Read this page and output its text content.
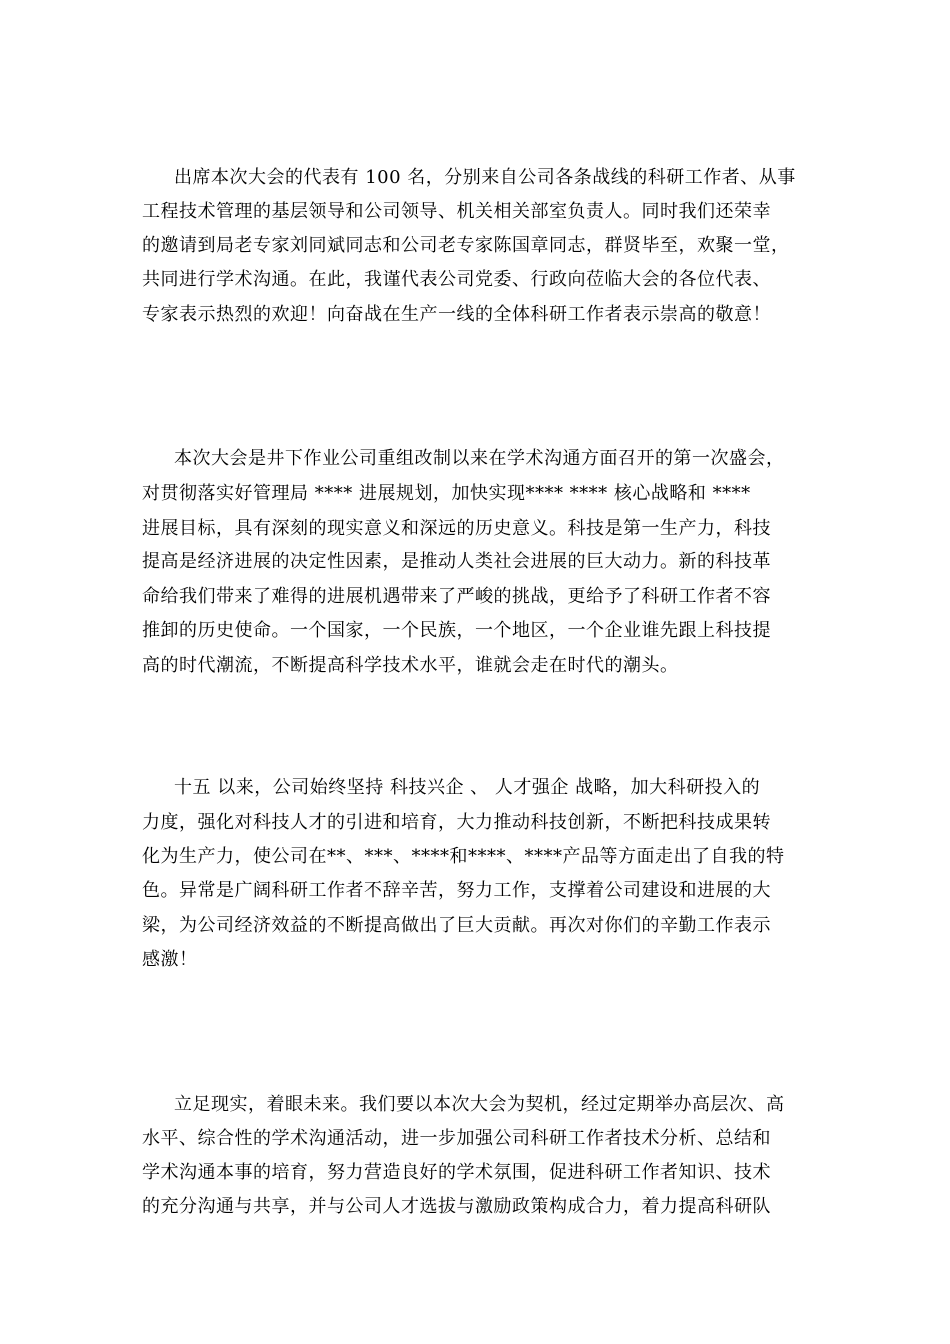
出席本次大会的代表有 100 名，分别来自公司各条战线的科研工作者、从事
工程技术管理的基层领导和公司领导、机关相关部室负责人。同时我们还荣幸
的邀请到局老专家刘同斌同志和公司老专家陈国章同志，群贤毕至，欢聚一堂，
共同进行学术沟通。在此，我谨代表公司党委、行政向莅临大会的各位代表、
专家表示热烈的欢迎！向奋战在生产一线的全体科研工作者表示崇高的敬意！
本次大会是井下作业公司重组改制以来在学术沟通方面召开的第一次盛会，
对贯彻落实好管理局 **** 进展规划，加快实现**** **** 核心战略和 ****
进展目标，具有深刻的现实意义和深远的历史意义。科技是第一生产力，科技
提高是经济进展的决定性因素，是推动人类社会进展的巨大动力。新的科技革
命给我们带来了难得的进展机遇带来了严峻的挑战，更给予了科研工作者不容
推卸的历史使命。一个国家，一个民族，一个地区，一个企业谁先跟上科技提
高的时代潮流，不断提高科学技术水平，谁就会走在时代的潮头。
十五 以来，公司始终坚持 科技兴企 、 人才强企 战略，加大科研投入的
力度，强化对科技人才的引进和培育，大力推动科技创新，不断把科技成果转
化为生产力，使公司在**、***、****和****、****产品等方面走出了自我的特
色。异常是广阔科研工作者不辞辛苦，努力工作，支撑着公司建设和进展的大
梁，为公司经济效益的不断提高做出了巨大贡献。再次对你们的辛勤工作表示
感激！
立足现实，着眼未来。我们要以本次大会为契机，经过定期举办高层次、高
水平、综合性的学术沟通活动，进一步加强公司科研工作者技术分析、总结和
学术沟通本事的培育，努力营造良好的学术氛围，促进科研工作者知识、技术
的充分沟通与共享，并与公司人才选拔与激励政策构成合力，着力提高科研队
